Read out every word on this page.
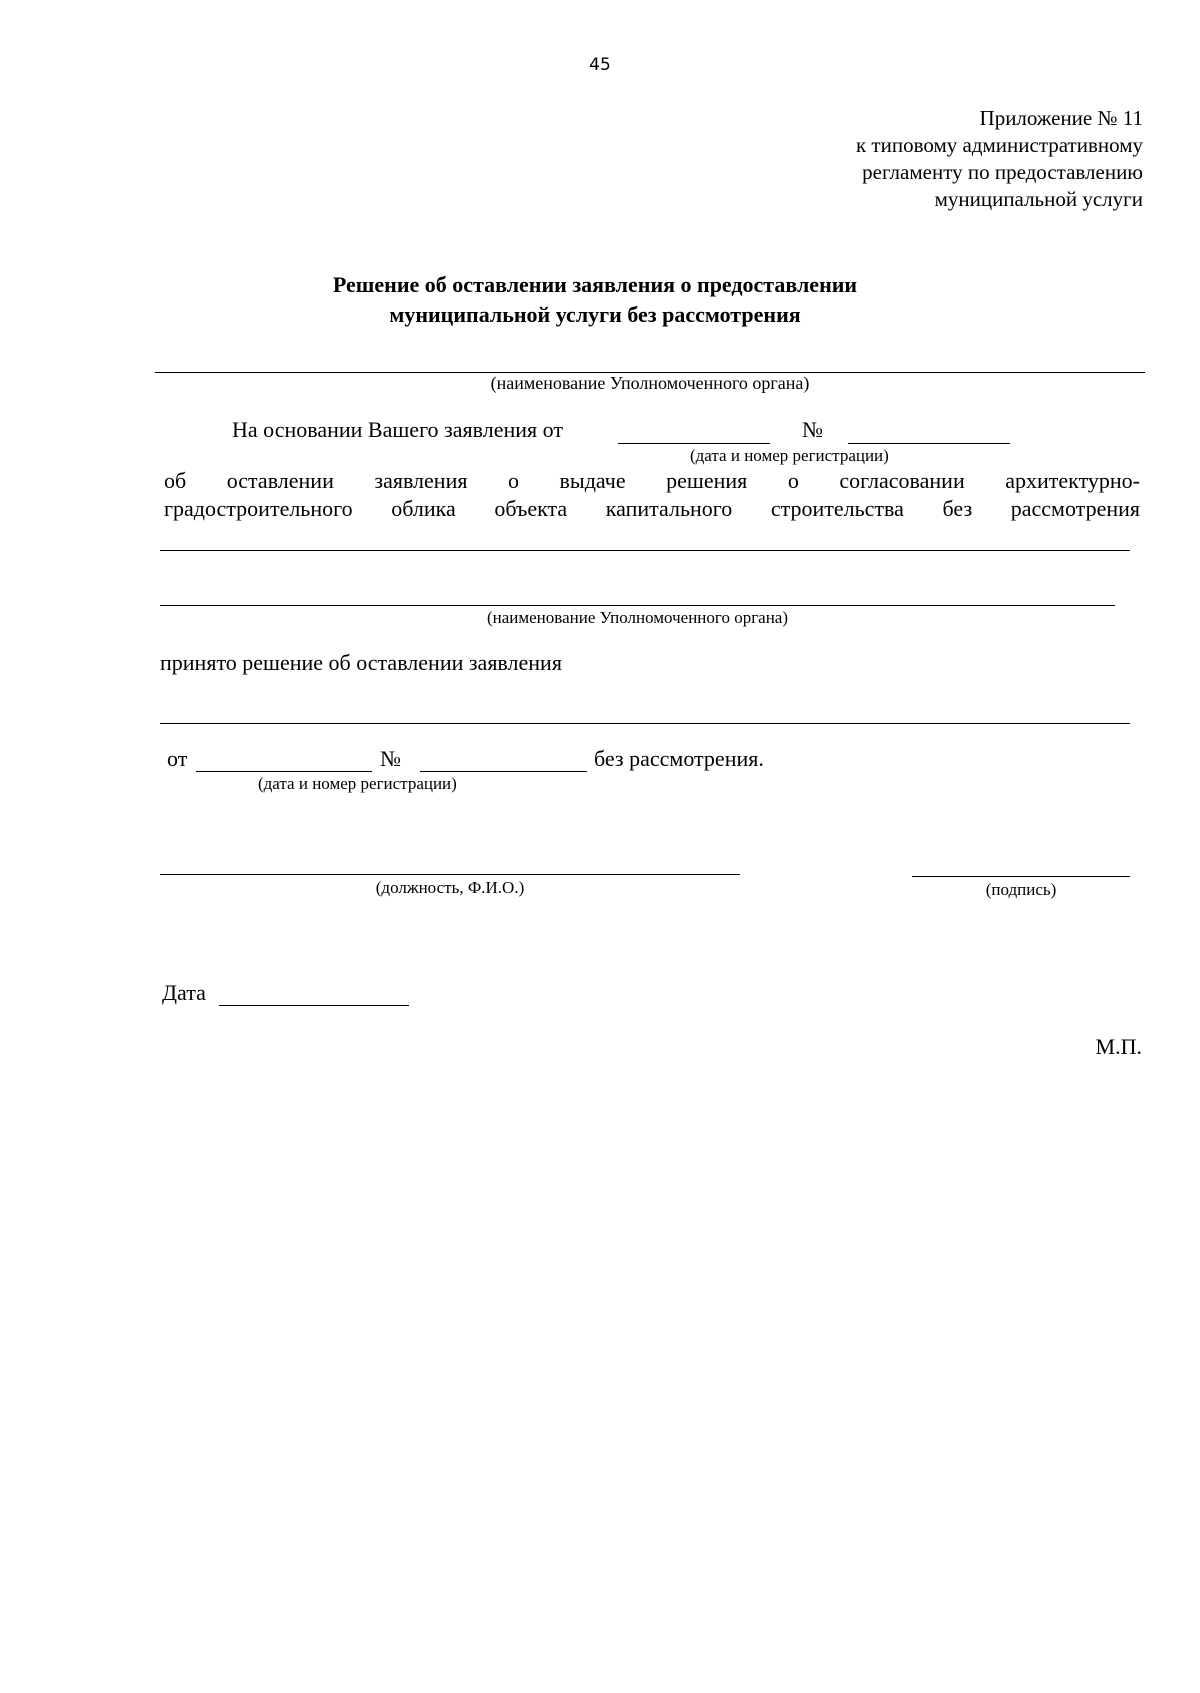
45
Приложение № 11
к типовому административному
регламенту по предоставлению
муниципальной услуги
Решение об оставлении заявления о предоставлении
муниципальной услуги без рассмотрения
(наименование Уполномоченного органа)
На основании Вашего заявления от	№
(дата и номер регистрации)
об оставлении заявления о выдаче решения о согласовании архитектурно-
градостроительного облика объекта капитального строительства без рассмотрения
(наименование Уполномоченного органа)
принято решение об оставлении заявления
от	№	без рассмотрения.
(дата и номер регистрации)
(должность, Ф.И.О.)	(подпись)
Дата
М.П.
